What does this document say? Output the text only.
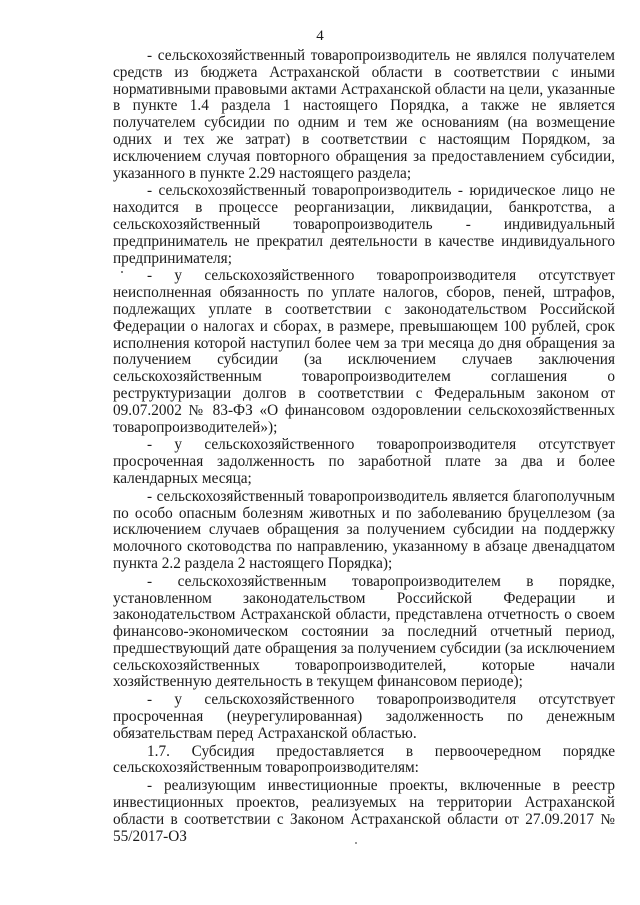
4

- сельскохозяйственный товаропроизводитель не являлся получателем средств из бюджета Астраханской области в соответствии с иными нормативными правовыми актами Астраханской области на цели, указанные в пункте 1.4 раздела 1 настоящего Порядка, а также не является получателем субсидии по одним и тем же основаниям (на возмещение одних и тех же затрат) в соответствии с настоящим Порядком, за исключением случая повторного обращения за предоставлением субсидии, указанного в пункте 2.29 настоящего раздела;

- сельскохозяйственный товаропроизводитель - юридическое лицо не находится в процессе реорганизации, ликвидации, банкротства, а сельскохозяйственный товаропроизводитель - индивидуальный предприниматель не прекратил деятельности в качестве индивидуального предпринимателя;

- у сельскохозяйственного товаропроизводителя отсутствует неисполненная обязанность по уплате налогов, сборов, пеней, штрафов, подлежащих уплате в соответствии с законодательством Российской Федерации о налогах и сборах, в размере, превышающем 100 рублей, срок исполнения которой наступил более чем за три месяца до дня обращения за получением субсидии (за исключением случаев заключения сельскохозяйственным товаропроизводителем соглашения о реструктуризации долгов в соответствии с Федеральным законом от 09.07.2002 № 83-ФЗ «О финансовом оздоровлении сельскохозяйственных товаропроизводителей»);

- у сельскохозяйственного товаропроизводителя отсутствует просроченная задолженность по заработной плате за два и более календарных месяца;

- сельскохозяйственный товаропроизводитель является благополучным по особо опасным болезням животных и по заболеванию бруцеллезом (за исключением случаев обращения за получением субсидии на поддержку молочного скотоводства по направлению, указанному в абзаце двенадцатом пункта 2.2 раздела 2 настоящего Порядка);

- сельскохозяйственным товаропроизводителем в порядке, установленном законодательством Российской Федерации и законодательством Астраханской области, представлена отчетность о своем финансово-экономическом состоянии за последний отчетный период, предшествующий дате обращения за получением субсидии (за исключением сельскохозяйственных товаропроизводителей, которые начали хозяйственную деятельность в текущем финансовом периоде);

- у сельскохозяйственного товаропроизводителя отсутствует просроченная (неурегулированная) задолженность по денежным обязательствам перед Астраханской областью.

1.7. Субсидия предоставляется в первоочередном порядке сельскохозяйственным товаропроизводителям:

- реализующим инвестиционные проекты, включенные в реестр инвестиционных проектов, реализуемых на территории Астраханской области в соответствии с Законом Астраханской области от 27.09.2017 № 55/2017-ОЗ
